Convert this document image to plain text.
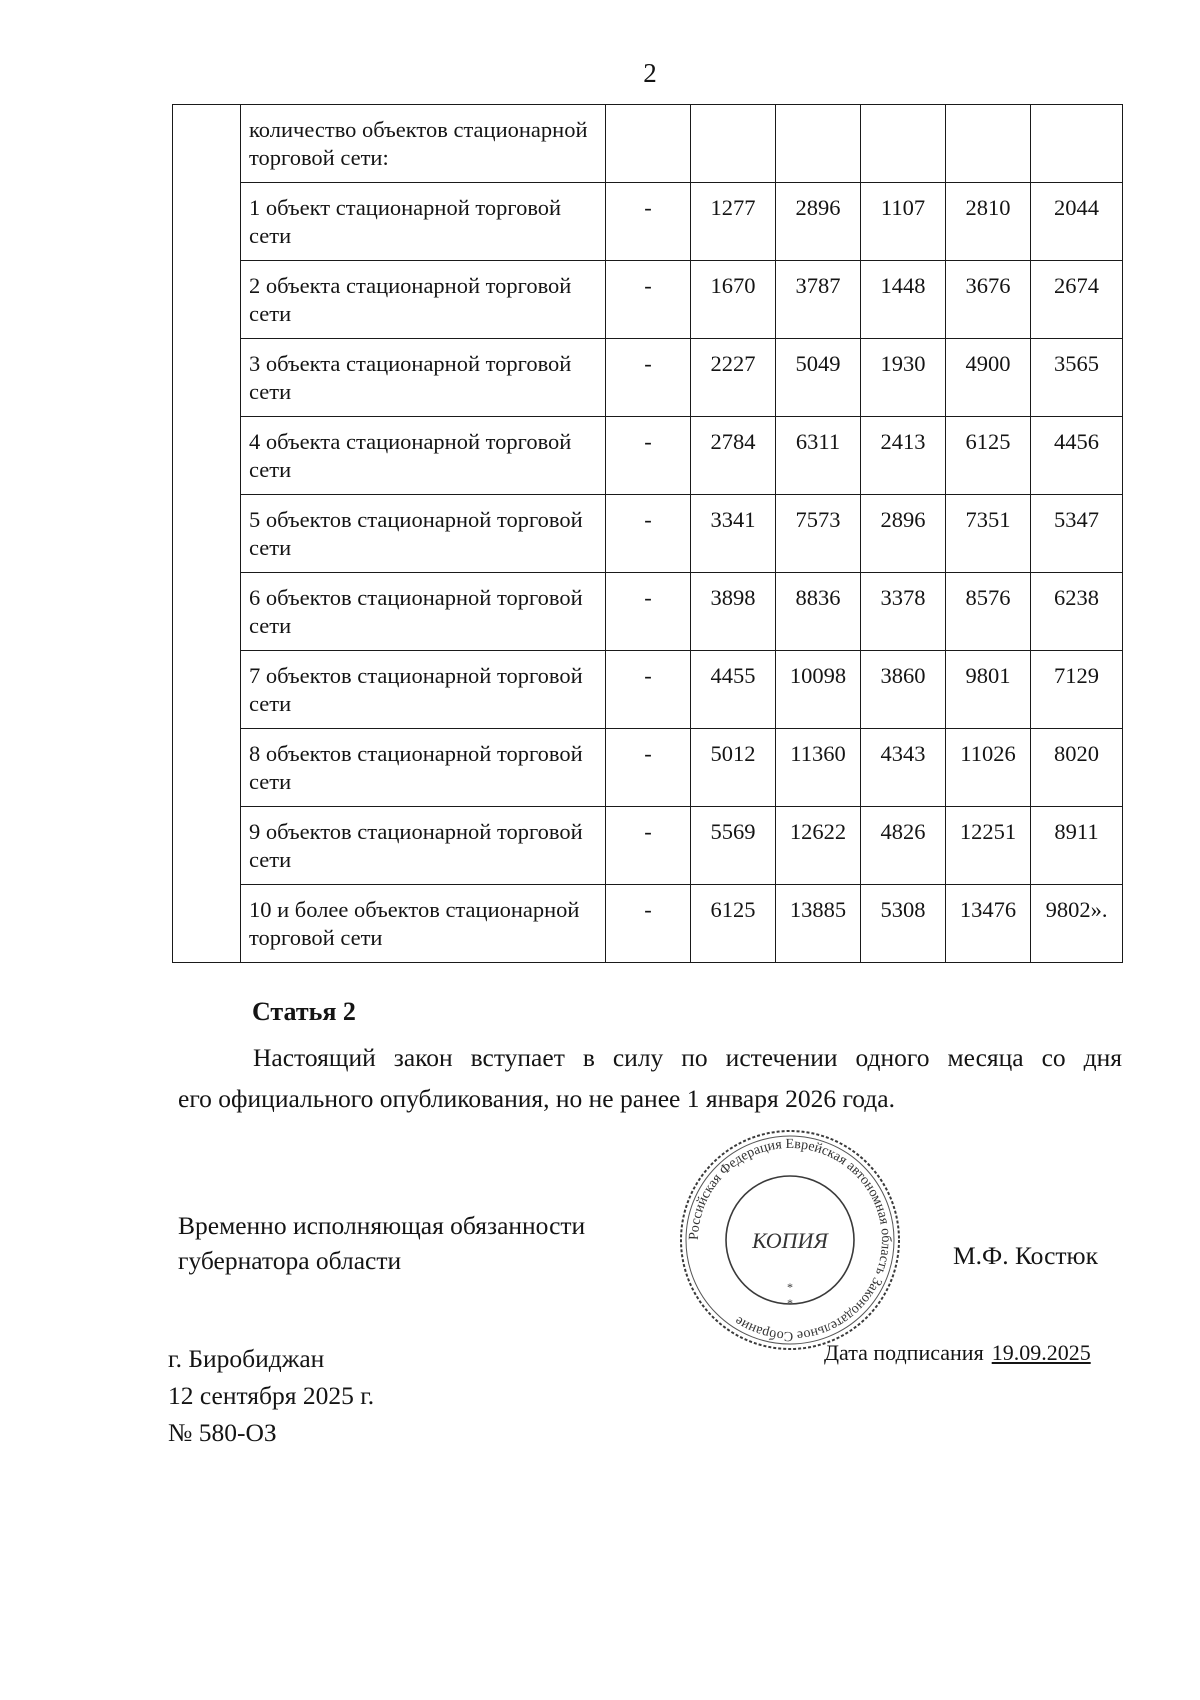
2
	количество объектов стационарной торговой сети:						
	1 объект стационарной торговой сети	-	1277	2896	1107	2810	2044
	2 объекта стационарной торговой сети	-	1670	3787	1448	3676	2674
	3 объекта стационарной торговой сети	-	2227	5049	1930	4900	3565
	4 объекта стационарной торговой сети	-	2784	6311	2413	6125	4456
	5 объектов стационарной торговой сети	-	3341	7573	2896	7351	5347
	6 объектов стационарной торговой сети	-	3898	8836	3378	8576	6238
	7 объектов стационарной торговой сети	-	4455	10098	3860	9801	7129
	8 объектов стационарной торговой сети	-	5012	11360	4343	11026	8020
	9 объектов стационарной торговой сети	-	5569	12622	4826	12251	8911
	10 и более объектов стационарной торговой сети	-	6125	13885	5308	13476	9802».
Статья 2
Настоящий закон вступает в силу по истечении одного месяца со дня
его официального опубликования, но не ранее 1 января 2026 года.
Временно исполняющая обязанности
губернатора области	М.Ф. Костюк
Российская Федерация Еврейская автономная область Законодательное Собрание
КОПИЯ
*
*
г. Биробиджан
12 сентября 2025 г.
№ 580-ОЗ
Дата подписания 19.09.2025
